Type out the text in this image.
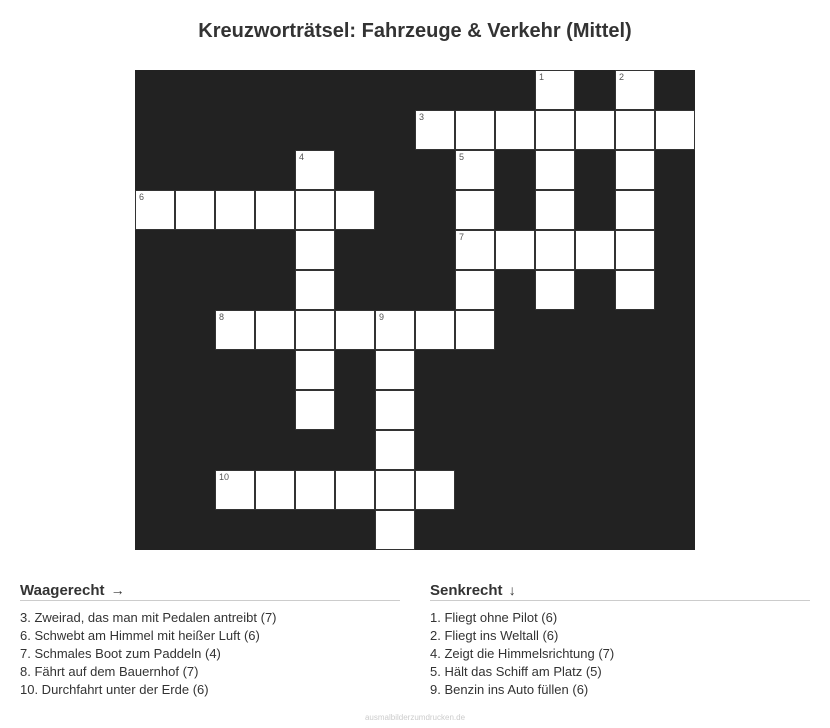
Kreuzworträtsel: Fahrzeuge & Verkehr (Mittel)
1	2
3
4	5
6
7
8	9
10
Waagerecht →
3. Zweirad, das man mit Pedalen antreibt (7)
6. Schwebt am Himmel mit heißer Luft (6)
7. Schmales Boot zum Paddeln (4)
8. Fährt auf dem Bauernhof (7)
10. Durchfahrt unter der Erde (6)
Senkrecht ↓
1. Fliegt ohne Pilot (6)
2. Fliegt ins Weltall (6)
4. Zeigt die Himmelsrichtung (7)
5. Hält das Schiff am Platz (5)
9. Benzin ins Auto füllen (6)
ausmalbilderzumdrucken.de
